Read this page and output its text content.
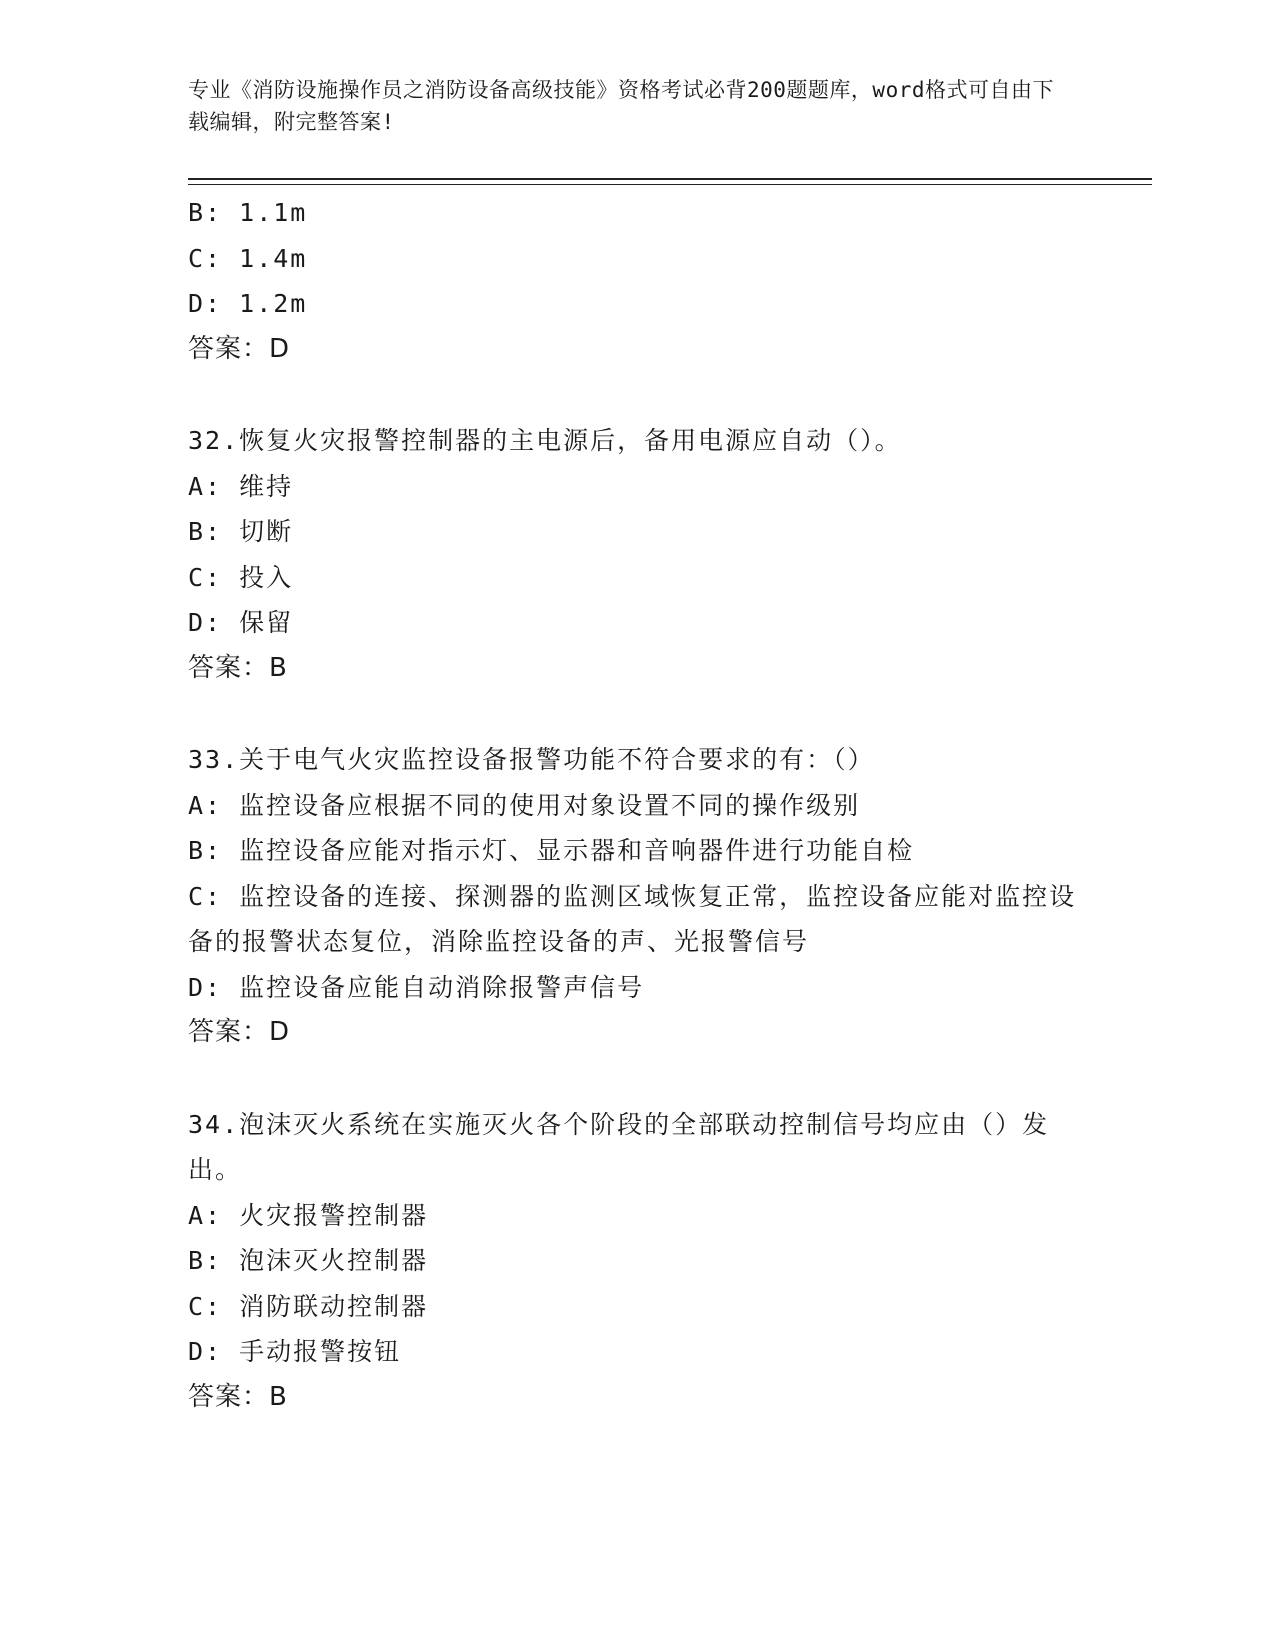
专业《消防设施操作员之消防设备高级技能》资格考试必背200题题库，word格式可自由下载编辑，附完整答案!
B: 1.1m
C: 1.4m
D: 1.2m
答案：D
32.恢复火灾报警控制器的主电源后，备用电源应自动（）。
A: 维持
B: 切断
C: 投入
D: 保留
答案：B
33.关于电气火灾监控设备报警功能不符合要求的有：（）
A: 监控设备应根据不同的使用对象设置不同的操作级别
B: 监控设备应能对指示灯、显示器和音响器件进行功能自检
C: 监控设备的连接、探测器的监测区域恢复正常，监控设备应能对监控设备的报警状态复位，消除监控设备的声、光报警信号
D: 监控设备应能自动消除报警声信号
答案：D
34.泡沫灭火系统在实施灭火各个阶段的全部联动控制信号均应由（）发出。
A: 火灾报警控制器
B: 泡沫灭火控制器
C: 消防联动控制器
D: 手动报警按钮
答案：B
